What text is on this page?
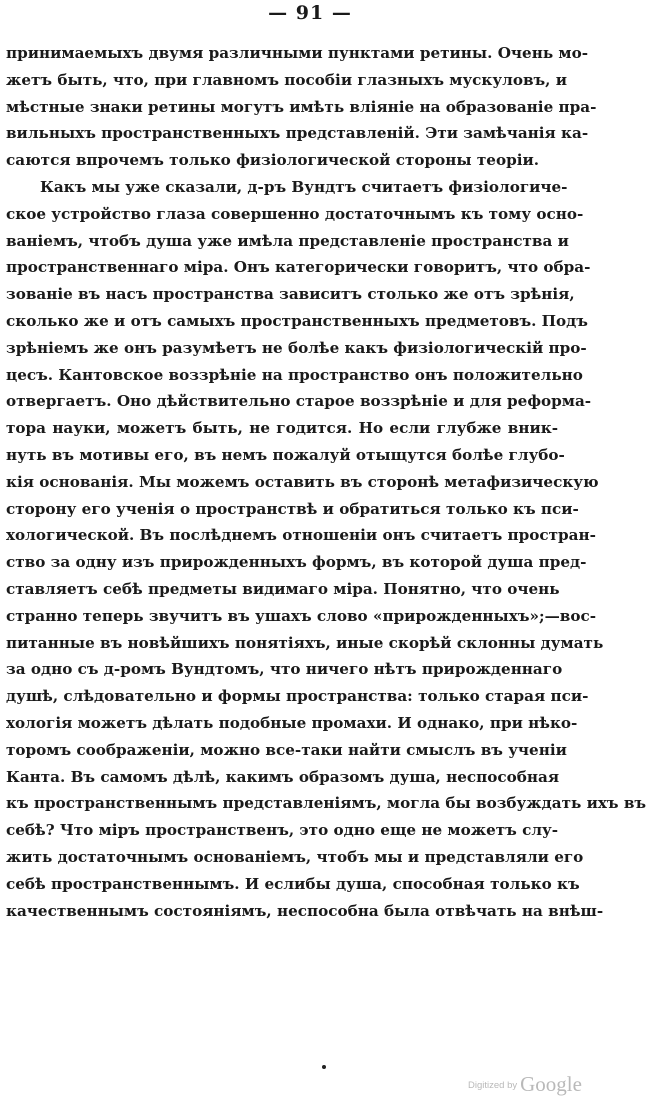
— 91 —
принимаемыхъ двумя различными пунктами ретины. Очень мо-
жетъ быть, что, при главномъ пособіи глазныхъ мускуловъ, и
мѣстные знаки ретины могутъ имѣть вліяніе на образованіе пра-
вильныхъ пространственныхъ представленій. Эти замѣчанія ка-
саются впрочемъ только физіологической стороны теоріи.
Какъ мы уже сказали, д-ръ Вундтъ считаетъ физіологиче-
ское устройство глаза совершенно достаточнымъ къ тому осно-
ваніемъ, чтобъ душа уже имѣла представленіе пространства и
пространственнаго міра. Онъ категорически говоритъ, что обра-
зованіе въ насъ пространства зависитъ столько же отъ зрѣнія,
сколько же и отъ самыхъ пространственныхъ предметовъ. Подъ
зрѣніемъ же онъ разумѣетъ не болѣе какъ физіологическій про-
цесъ. Кантовское воззрѣніе на пространство онъ положительно
отвергаетъ. Оно дѣйствительно старое воззрѣніе и для реформа-
тора науки, можетъ быть, не годится. Но если глубже вник-
нуть въ мотивы его, въ немъ пожалуй отыщутся болѣе глубо-
кія основанія. Мы можемъ оставить въ сторонѣ метафизическую
сторону его ученія о пространствѣ и обратиться только къ пси-
хологической. Въ послѣднемъ отношеніи онъ считаетъ простран-
ство за одну изъ прирожденныхъ формъ, въ которой душа пред-
ставляетъ себѣ предметы видимаго міра. Понятно, что очень
странно теперь звучитъ въ ушахъ слово «прирожденныхъ»;—вос-
питанные въ новѣйшихъ понятіяхъ, иные скорѣй склонны думать
за одно съ д-ромъ Вундтомъ, что ничего нѣтъ прирожденнаго
душѣ, слѣдовательно и формы пространства: только старая пси-
хологія можетъ дѣлать подобные промахи. И однако, при нѣко-
торомъ соображеніи, можно все-таки найти смыслъ въ ученіи
Канта. Въ самомъ дѣлѣ, какимъ образомъ душа, неспособная
къ пространственнымъ представленіямъ, могла бы возбуждать ихъ въ
себѣ? Что міръ пространственъ, это одно еще не можетъ слу-
жить достаточнымъ основаніемъ, чтобъ мы и представляли его
себѣ пространственнымъ. И еслибы душа, способная только къ
качественнымъ состояніямъ, неспособна была отвѣчать на внѣш-
Digitized by Google
